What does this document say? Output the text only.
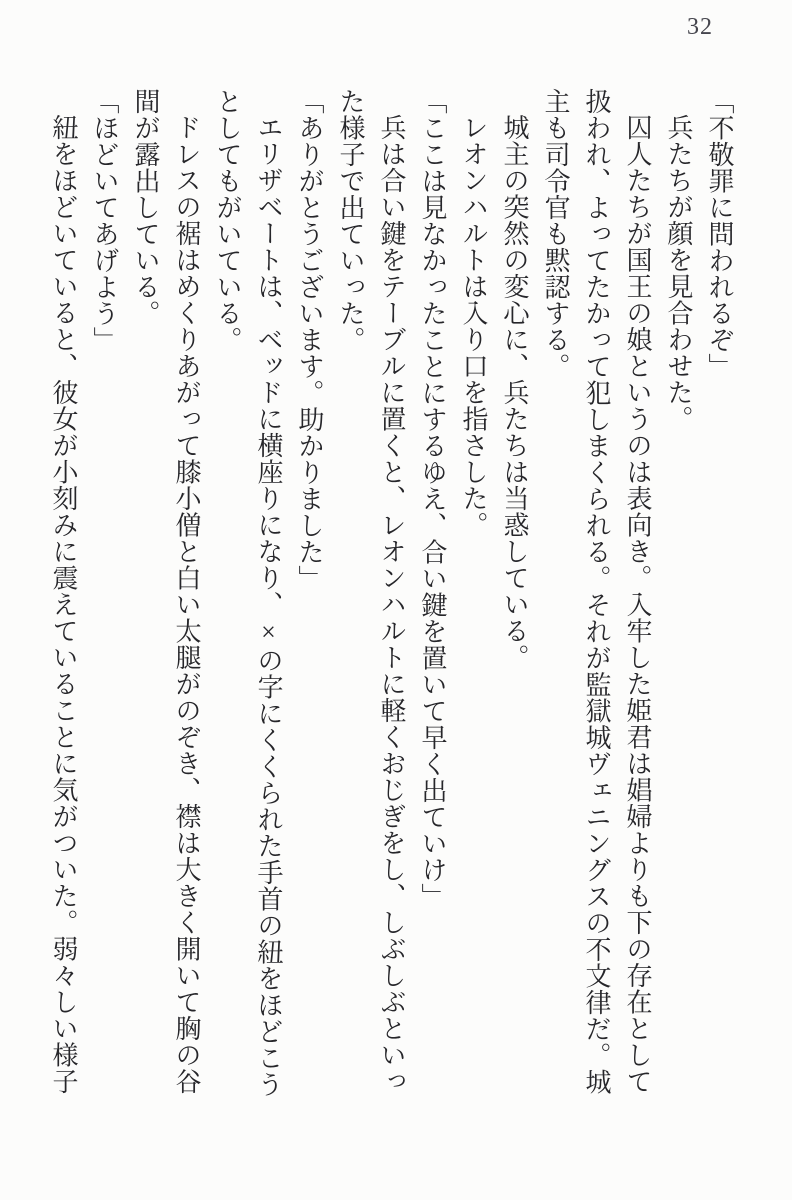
32

「不敬罪に問われるぞ」

兵たちが顔を見合わせた。

囚人たちが国王の娘というのは表向き。入牢した姫君は娼婦よりも下の存在として

扱われ、よってたかって犯しまくられる。それが監獄城ヴェニングスの不文律だ。城

主も司令官も黙認する。

城主の突然の変心に、兵たちは当惑している。

レオンハルトは入り口を指さした。

「ここは見なかったことにするゆえ、合い鍵を置いて早く出ていけ」

兵は合い鍵をテーブルに置くと、レオンハルトに軽くおじぎをし、しぶしぶといっ

た様子で出ていった。

「ありがとうございます。助かりました」

エリザベートは、ベッドに横座りになり、×の字にくくられた手首の紐をほどこう

としてもがいている。

ドレスの裾はめくりあがって膝小僧と白い太腿がのぞき、襟は大きく開いて胸の谷

間が露出している。

「ほどいてあげよう」

紐をほどいていると、彼女が小刻みに震えていることに気がついた。弱々しい様子
